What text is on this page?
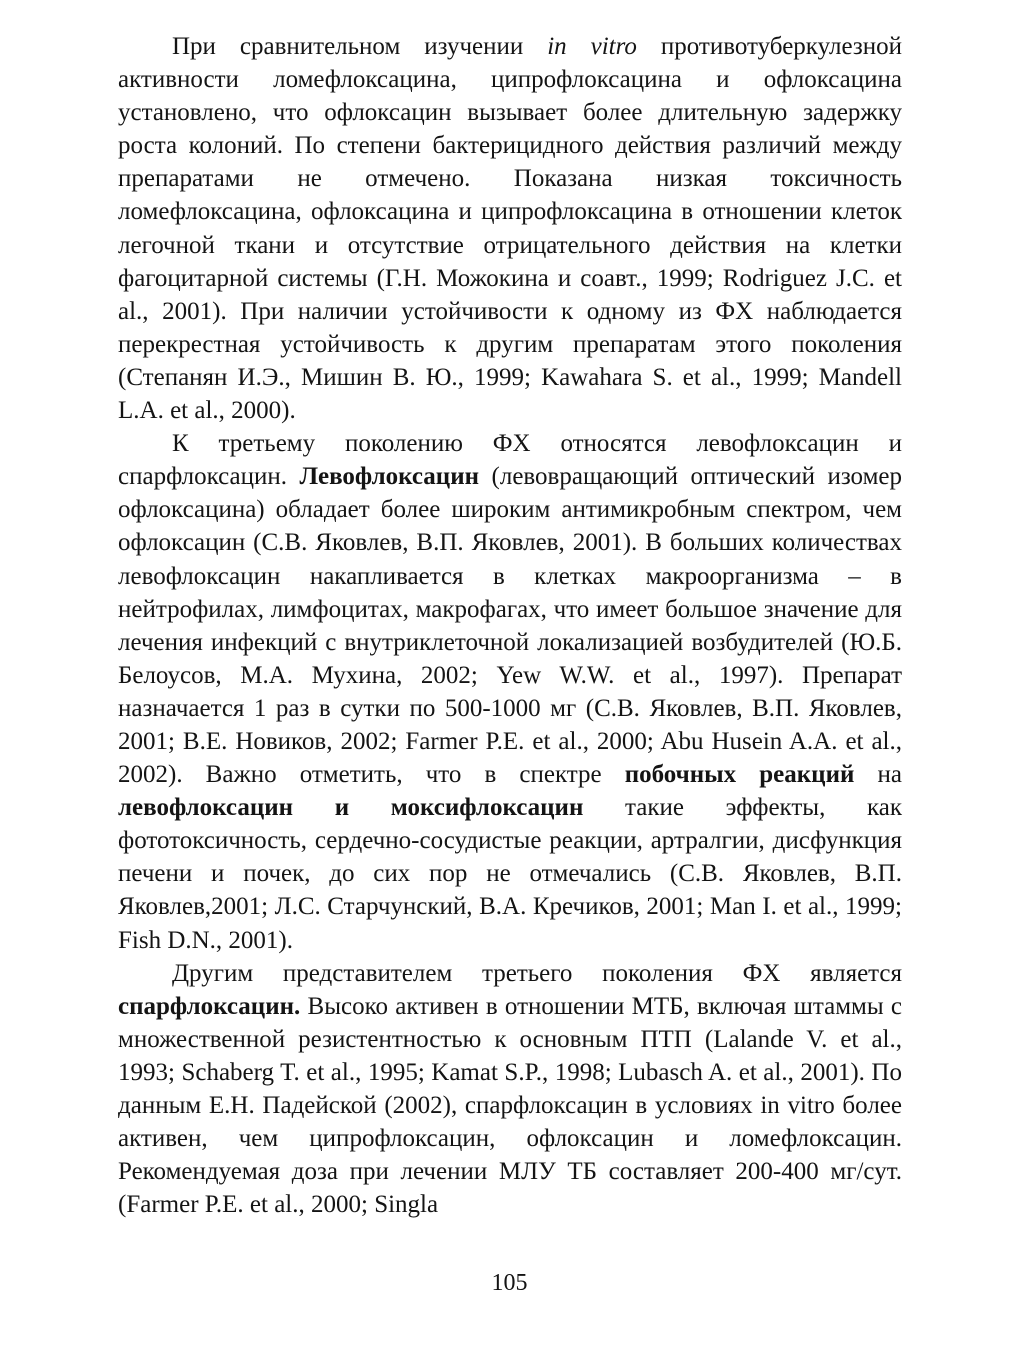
При сравнительном изучении in vitro противотуберкулезной активности ломефлоксацина, ципрофлоксацина и офлоксацина установлено, что офлоксацин вызывает более длительную задержку роста колоний. По степени бактерицидного действия различий между препаратами не отмечено. Показана низкая токсичность ломефлоксацина, офлоксацина и ципрофлоксацина в отношении клеток легочной ткани и отсутствие отрицательного действия на клетки фагоцитарной системы (Г.Н. Можокина и соавт., 1999; Rodriguez J.C. et al., 2001). При наличии устойчивости к одному из ФХ наблюдается перекрестная устойчивость к другим препаратам этого поколения (Степанян И.Э., Мишин В. Ю., 1999; Kawahara S. et al., 1999; Mandell L.A. et al., 2000).

К третьему поколению ФХ относятся левофлоксацин и спарфлоксацин. Левофлоксацин (левовращающий оптический изомер офлоксацина) обладает более широким антимикробным спектром, чем офлоксацин (С.В. Яковлев, В.П. Яковлев, 2001). В больших количествах левофлоксацин накапливается в клетках макроорганизма – в нейтрофилах, лимфоцитах, макрофагах, что имеет большое значение для лечения инфекций с внутриклеточной локализацией возбудителей (Ю.Б. Белоусов, М.А. Мухина, 2002; Yew W.W. et al., 1997). Препарат назначается 1 раз в сутки по 500-1000 мг (С.В. Яковлев, В.П. Яковлев, 2001; В.Е. Новиков, 2002; Farmer P.E. et al., 2000; Abu Husein A.A. et al., 2002). Важно отметить, что в спектре побочных реакций на левофлоксацин и моксифлоксацин такие эффекты, как фототоксичность, сердечно-сосудистые реакции, артралгии, дисфункция печени и почек, до сих пор не отмечались (С.В. Яковлев, В.П. Яковлев,2001; Л.С. Старчунский, В.А. Кречиков, 2001; Man I. et al., 1999; Fish D.N., 2001).

Другим представителем третьего поколения ФХ является спарфлоксацин. Высоко активен в отношении МТБ, включая штаммы с множественной резистентностью к основным ПТП (Lalande V. et al., 1993; Schaberg T. et al., 1995; Kamat S.P., 1998; Lubasch A. et al., 2001). По данным Е.Н. Падейской (2002), спарфлоксацин в условиях in vitro более активен, чем ципрофлоксацин, офлоксацин и ломефлоксацин. Рекомендуемая доза при лечении МЛУ ТБ составляет 200-400 мг/сут. (Farmer P.E. et al., 2000; Singla

105
